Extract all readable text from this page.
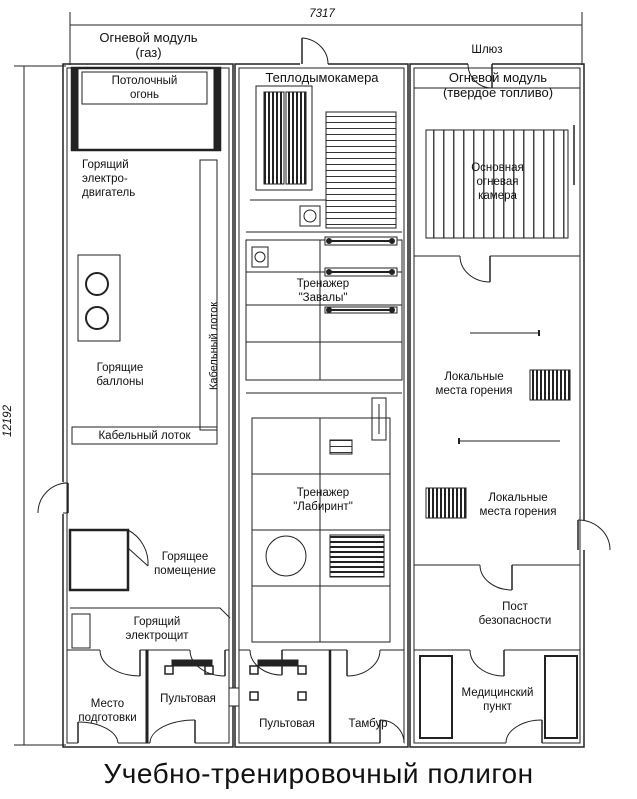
7317
12192
Огневой модуль
(газ)
Теплодымокамера	Огневой модуль
(твердое топливо)
Шлюз
Потолочный
огонь
Горящий
электро-
двигатель
Горящие
баллоны	Кабельный лоток
Кабельный лоток
Горящее
помещение
Горящий
электрощит
Место
подготовки
Пультовая
Тренажер
"Завалы"
Тренажер
"Лабиринт"
Пультовая	Тамбур
Основная
огневая
камера
Локальные
места горения
Локальные
места горения
Пост
безопасности
Медицинский
пункт
Учебно-тренировочный полигон
